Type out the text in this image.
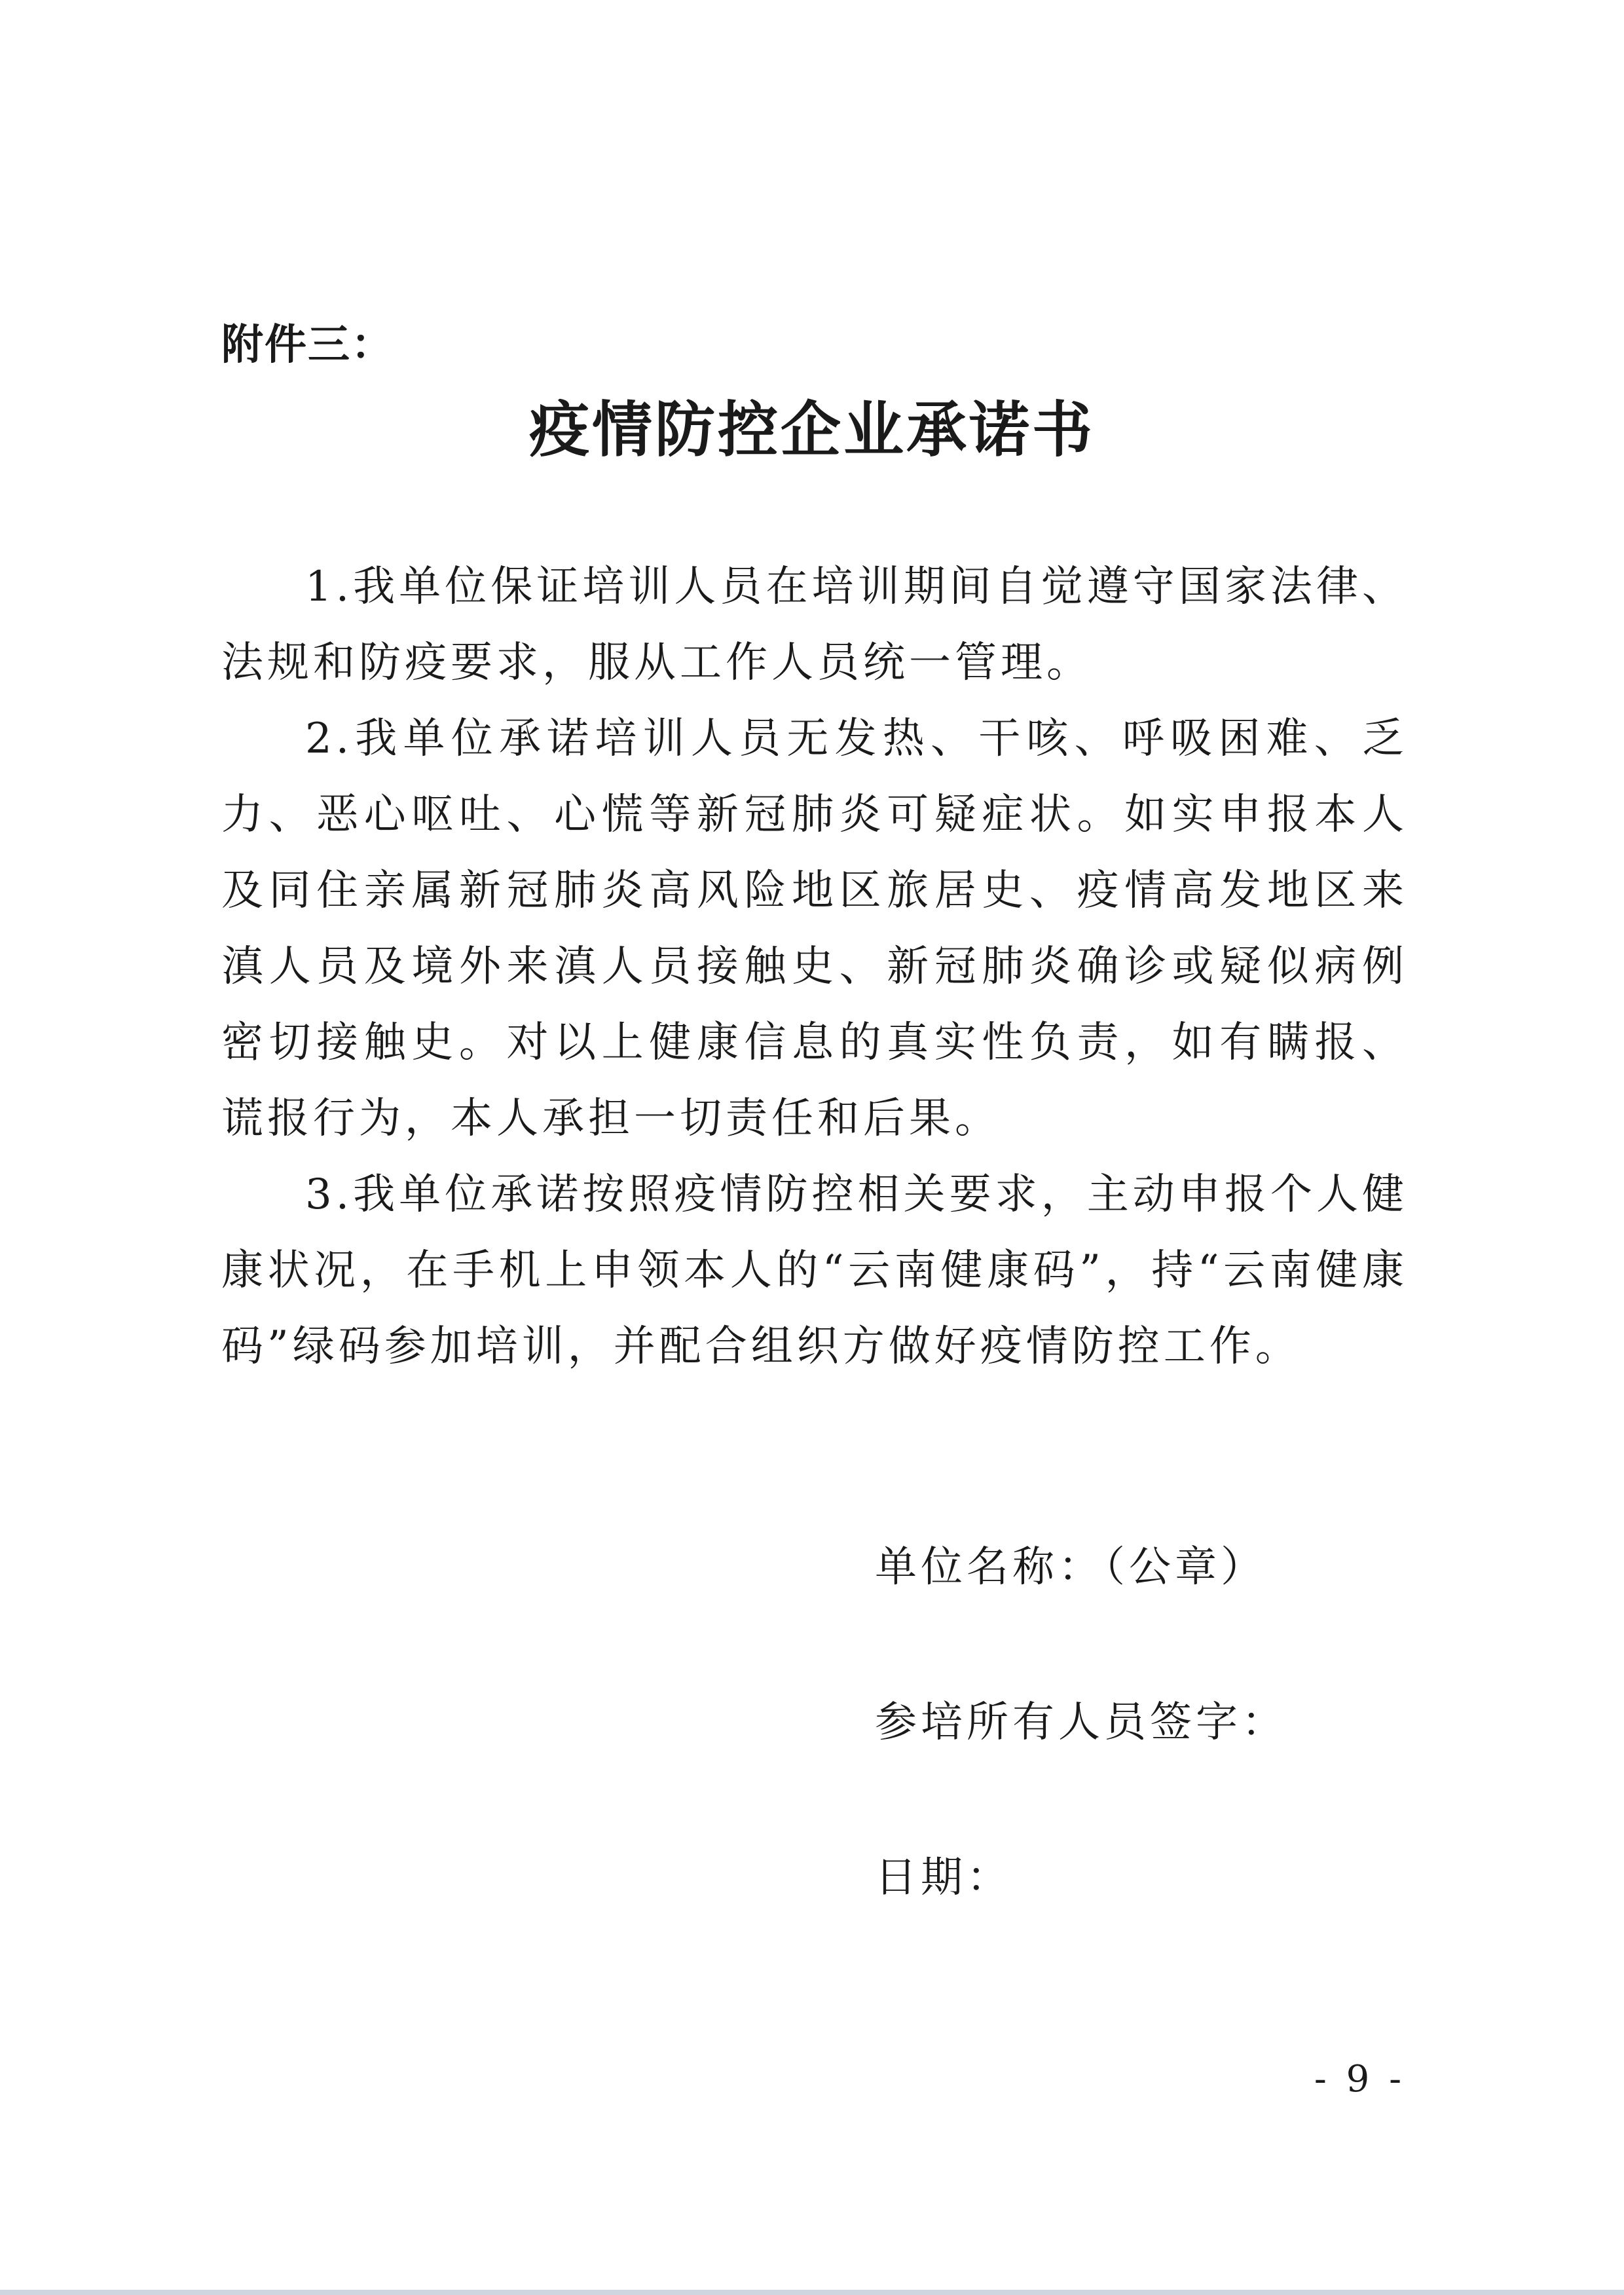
附件三：
疫情防控企业承诺书

1.我单位保证培训人员在培训期间自觉遵守国家法律、法规和防疫要求，服从工作人员统一管理。

2.我单位承诺培训人员无发热、干咳、呼吸困难、乏力、恶心呕吐、心慌等新冠肺炎可疑症状。如实申报本人及同住亲属新冠肺炎高风险地区旅居史、疫情高发地区来滇人员及境外来滇人员接触史、新冠肺炎确诊或疑似病例密切接触史。对以上健康信息的真实性负责，如有瞒报、谎报行为，本人承担一切责任和后果。

3.我单位承诺按照疫情防控相关要求，主动申报个人健康状况，在手机上申领本人的“云南健康码”，持“云南健康码”绿码参加培训，并配合组织方做好疫情防控工作。

单位名称：（公章）
参培所有人员签字：
日期：
- 9 -
